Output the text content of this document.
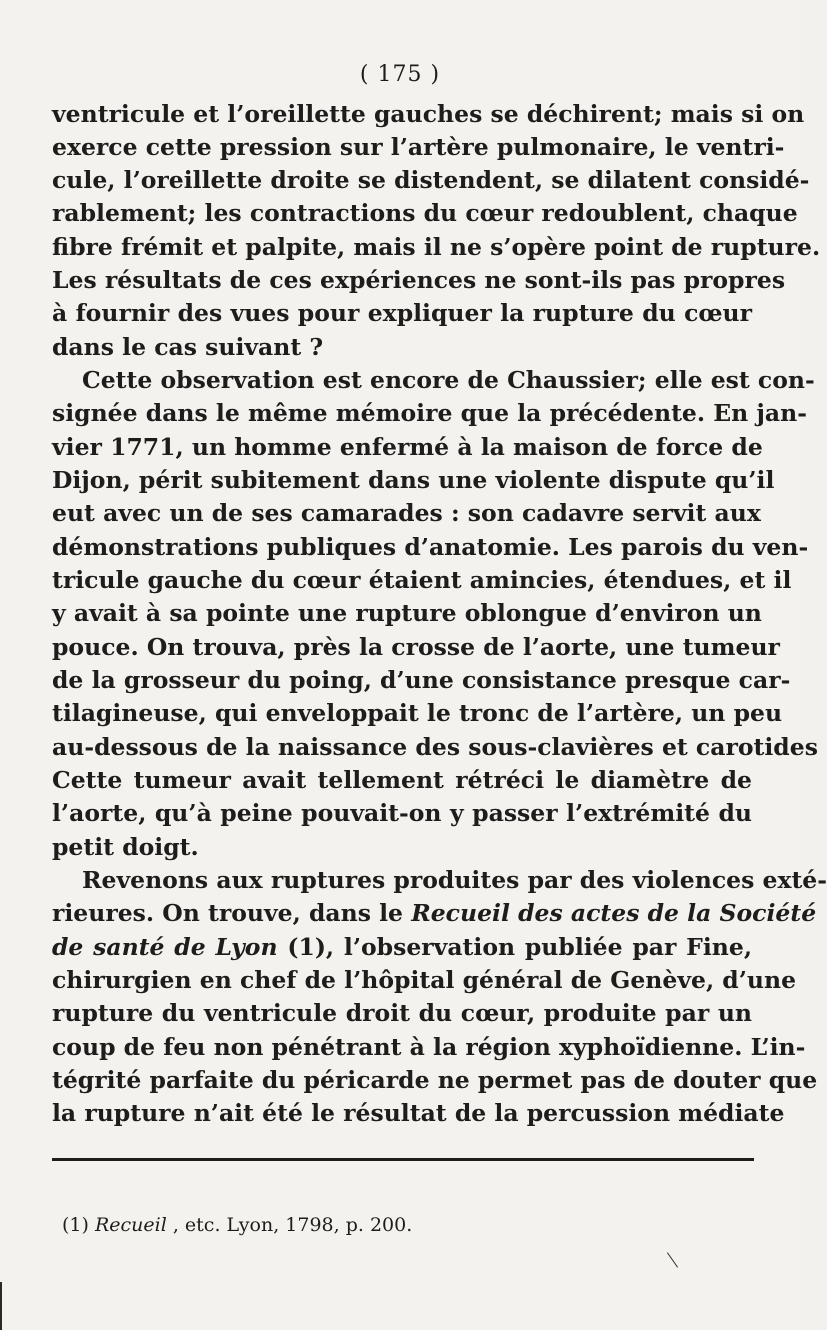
( 175 )
ventricule et l’oreillette gauches se déchirent; mais si on
exerce cette pression sur l’artère pulmonaire, le ventri-
cule, l’oreillette droite se distendent, se dilatent considé-
rablement; les contractions du cœur redoublent, chaque
fibre frémit et palpite, mais il ne s’opère point de rupture.
Les résultats de ces expériences ne sont-ils pas propres
à fournir des vues pour expliquer la rupture du cœur
dans le cas suivant ?
Cette observation est encore de Chaussier; elle est con-
signée dans le même mémoire que la précédente. En jan-
vier 1771, un homme enfermé à la maison de force de
Dijon, périt subitement dans une violente dispute qu’il
eut avec un de ses camarades : son cadavre servit aux
démonstrations publiques d’anatomie. Les parois du ven-
tricule gauche du cœur étaient amincies, étendues, et il
y avait à sa pointe une rupture oblongue d’environ un
pouce. On trouva, près la crosse de l’aorte, une tumeur
de la grosseur du poing, d’une consistance presque car-
tilagineuse, qui enveloppait le tronc de l’artère, un peu
au-dessous de la naissance des sous-clavières et carotides
Cette tumeur avait tellement rétréci le diamètre de
l’aorte, qu’à peine pouvait-on y passer l’extrémité du
petit doigt.
Revenons aux ruptures produites par des violences exté-
rieures. On trouve, dans le Recueil des actes de la Société
de santé de Lyon (1), l’observation publiée par Fine,
chirurgien en chef de l’hôpital général de Genève, d’une
rupture du ventricule droit du cœur, produite par un
coup de feu non pénétrant à la région xyphoïdienne. L’in-
tégrité parfaite du péricarde ne permet pas de douter que
la rupture n’ait été le résultat de la percussion médiate
(1) Recueil , etc. Lyon, 1798, p. 200.
